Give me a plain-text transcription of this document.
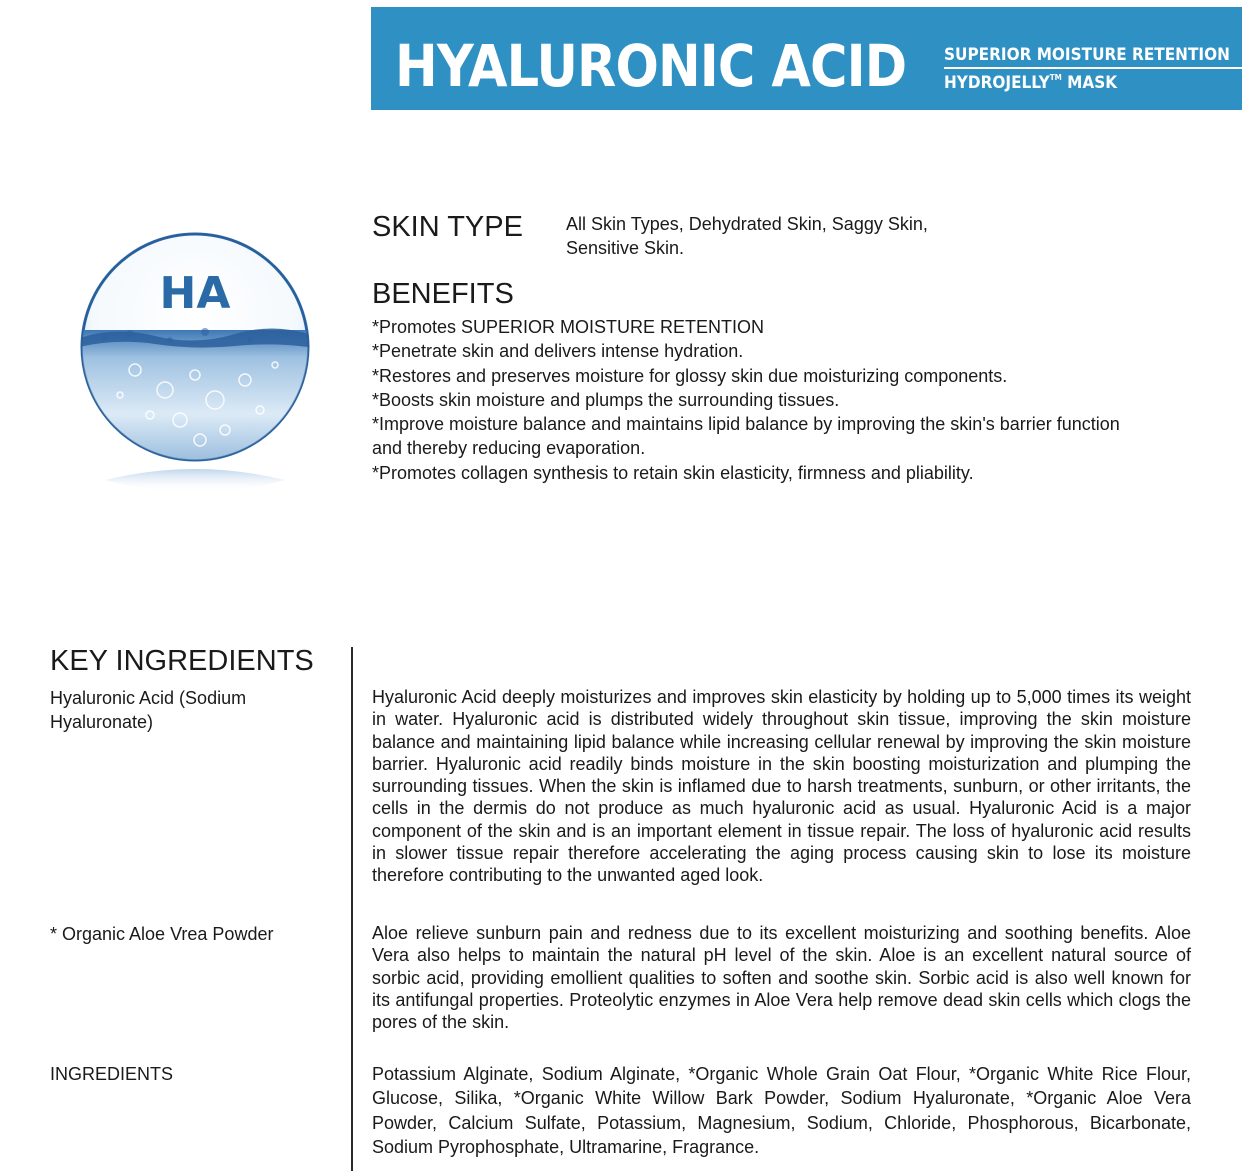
HYALURONIC ACID SUPERIOR MOISTURE RETENTION
HYDROJELLY™ MASK
HA
SKIN TYPE All Skin Types, Dehydrated Skin, Saggy Skin, Sensitive Skin.
BENEFITS
*Promotes SUPERIOR MOISTURE RETENTION
*Penetrate skin and delivers intense hydration.
*Restores and preserves moisture for glossy skin due moisturizing components.
*Boosts skin moisture and plumps the surrounding tissues.
*Improve moisture balance and maintains lipid balance by improving the skin's barrier function and thereby reducing evaporation.
*Promotes collagen synthesis to retain skin elasticity, firmness and pliability.
KEY INGREDIENTS
Hyaluronic Acid (Sodium Hyaluronate)

Hyaluronic Acid deeply moisturizes and improves skin elasticity by holding up to 5,000 times its weight in water. Hyaluronic acid is distributed widely throughout skin tissue, improving the skin moisture balance and maintaining lipid balance while increasing cellular renewal by improving the skin moisture barrier. Hyaluronic acid readily binds moisture in the skin boosting moisturization and plumping the surrounding tissues. When the skin is inflamed due to harsh treatments, sunburn, or other irritants, the cells in the dermis do not produce as much hyaluronic acid as usual. Hyaluronic Acid is a major component of the skin and is an important element in tissue repair. The loss of hyaluronic acid results in slower tissue repair therefore accelerating the aging process causing skin to lose its moisture therefore contributing to the unwanted aged look.

* Organic Aloe Vrea Powder	Aloe relieve sunburn pain and redness due to its excellent moisturizing and soothing benefits. Aloe Vera also helps to maintain the natural pH level of the skin. Aloe is an excellent natural source of sorbic acid, providing emollient qualities to soften and soothe skin. Sorbic acid is also well known for its antifungal properties. Proteolytic enzymes in Aloe Vera help remove dead skin cells which clogs the pores of the skin.

INGREDIENTS	Potassium Alginate, Sodium Alginate, *Organic Whole Grain Oat Flour, *Organic White Rice Flour, Glucose, Silika, *Organic White Willow Bark Powder, Sodium Hyaluronate, *Organic Aloe Vera Powder, Calcium Sulfate, Potassium, Magnesium, Sodium, Chloride, Phosphorous, Bicarbonate, Sodium Pyrophosphate, Ultramarine, Fragrance.
